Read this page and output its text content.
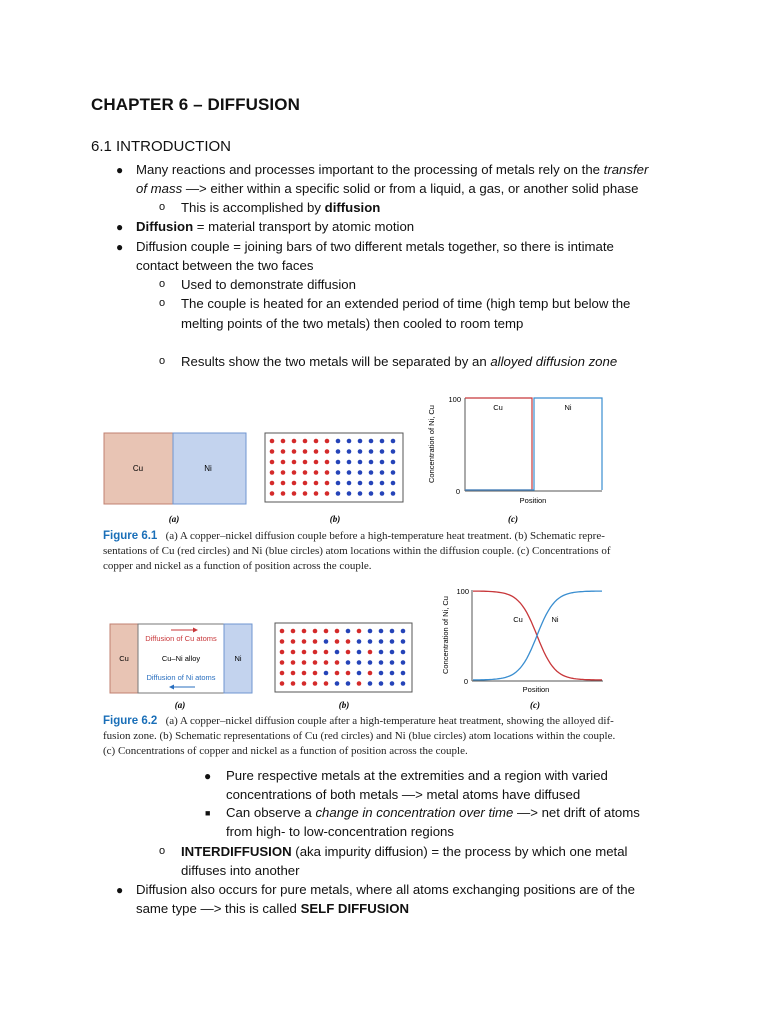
CHAPTER 6 – DIFFUSION
6.1 INTRODUCTION
● Many reactions and processes important to the processing of metals rely on the transfer
of mass —> either within a specific solid or from a liquid, a gas, or another solid phase
o This is accomplished by diffusion
● Diffusion = material transport by atomic motion
● Diffusion couple = joining bars of two different metals together, so there is intimate
contact between the two faces
o Used to demonstrate diffusion
o The couple is heated for an extended period of time (high temp but below the
melting points of the two metals) then cooled to room temp
o Results show the two metals will be separated by an alloyed diffusion zone
Cu	Ni
(a)	(b)
Concentration of Ni, Cu
100
0
Cu	Ni
Position
(c)
Figure 6.1 (a) A copper–nickel diffusion couple before a high-temperature heat treatment. (b) Schematic repre-
sentations of Cu (red circles) and Ni (blue circles) atom locations within the diffusion couple. (c) Concentrations of
copper and nickel as a function of position across the couple.
Cu	Ni
Diffusion of Cu atoms
Cu–Ni alloy
Diffusion of Ni atoms
(a)	(b)
Concentration of Ni, Cu
100
0
Cu	Ni
Position
(c)
Figure 6.2 (a) A copper–nickel diffusion couple after a high-temperature heat treatment, showing the alloyed dif-
fusion zone. (b) Schematic representations of Cu (red circles) and Ni (blue circles) atom locations within the couple.
(c) Concentrations of copper and nickel as a function of position across the couple.
● Pure respective metals at the extremities and a region with varied
concentrations of both metals —> metal atoms have diffused
■ Can observe a change in concentration over time —> net drift of atoms
from high- to low-concentration regions
o INTERDIFFUSION (aka impurity diffusion) = the process by which one metal
diffuses into another
● Diffusion also occurs for pure metals, where all atoms exchanging positions are of the
same type —> this is called SELF DIFFUSION
